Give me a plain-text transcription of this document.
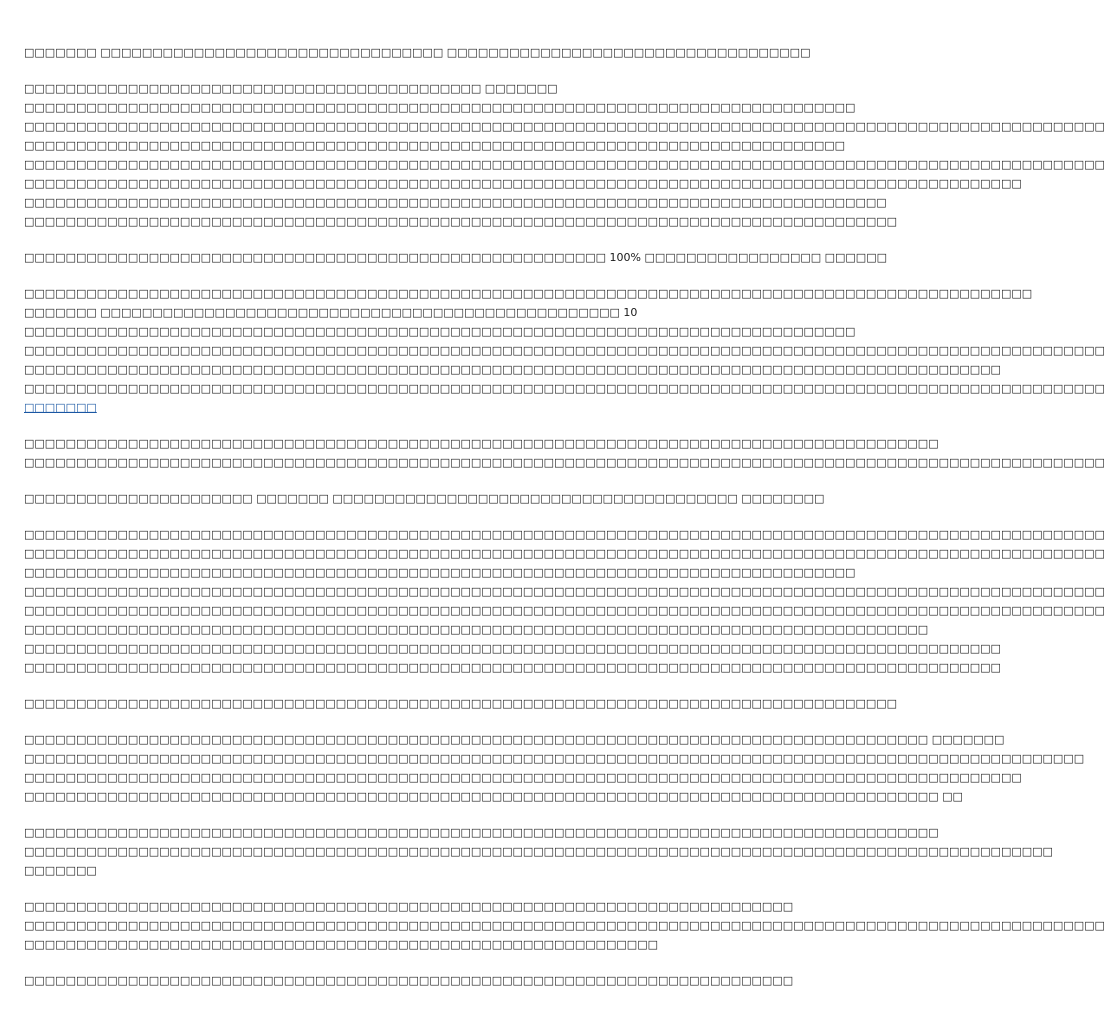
□□□□□□□ □□□□□□□□□□□□□□□□□□□□□□□□□□□□□□□□□ □□□□□□□□□□□□□□□□□□□□□□□□□□□□□□□□□□□
□□□□□□□□□□□□□□□□□□□□□□□□□□□□□□□□□□□□□□□□□□□□ □□□□□□□
□□□□□□□□□□□□□□□□□□□□□□□□□□□□□□□□□□□□□□□□□□□□□□□□□□□□□□□□□□□□□□□□□□□□□□□□□□□□□□□□
□□□□□□□□□□□□□□□□□□□□□□□□□□□□□□□□□□□□□□□□□□□□□□□□□□□□□□□□□□□□□□□□□□□□□□□□□□□□□□□□□□□□□□□□□□□□□□□□□□□□□□□□
□□□□□□□□□□□□□□□□□□□□□□□□□□□□□□□□□□□□□□□□□□□□□□□□□□□□□□□□□□□□□□□□□□□□□□□□□□□□□□□
□□□□□□□□□□□□□□□□□□□□□□□□□□□□□□□□□□□□□□□□□□□□□□□□□□□□□□□□□□□□□□□□□□□□□□□□□□□□□□□□□□□□□□□□□□□□□□□□□□□□□□□□
□□□□□□□□□□□□□□□□□□□□□□□□□□□□□□□□□□□□□□□□□□□□□□□□□□□□□□□□□□□□□□□□□□□□□□□□□□□□□□□□□□□□□□□□□□□□□□□□
□□□□□□□□□□□□□□□□□□□□□□□□□□□□□□□□□□□□□□□□□□□□□□□□□□□□□□□□□□□□□□□□□□□□□□□□□□□□□□□□□□□
□□□□□□□□□□□□□□□□□□□□□□□□□□□□□□□□□□□□□□□□□□□□□□□□□□□□□□□□□□□□□□□□□□□□□□□□□□□□□□□□□□□□
□□□□□□□□□□□□□□□□□□□□□□□□□□□□□□□□□□□□□□□□□□□□□□□□□□□□□□□□ 100% □□□□□□□□□□□□□□□□□ □□□□□□
□□□□□□□□□□□□□□□□□□□□□□□□□□□□□□□□□□□□□□□□□□□□□□□□□□□□□□□□□□□□□□□□□□□□□□□□□□□□□□□□□□□□□□□□□□□□□□□□□
□□□□□□□ □□□□□□□□□□□□□□□□□□□□□□□□□□□□□□□□□□□□□□□□□□□□□□□□□□ 10
□□□□□□□□□□□□□□□□□□□□□□□□□□□□□□□□□□□□□□□□□□□□□□□□□□□□□□□□□□□□□□□□□□□□□□□□□□□□□□□□
□□□□□□□□□□□□□□□□□□□□□□□□□□□□□□□□□□□□□□□□□□□□□□□□□□□□□□□□□□□□□□□□□□□□□□□□□□□□□□□□□□□□□□□□□□□□□□□□□□□□□□□□
□□□□□□□□□□□□□□□□□□□□□□□□□□□□□□□□□□□□□□□□□□□□□□□□□□□□□□□□□□□□□□□□□□□□□□□□□□□□□□□□□□□□□□□□□□□□□□
□□□□□□□□□□□□□□□□□□□□□□□□□□□□□□□□□□□□□□□□□□□□□□□□□□□□□□□□□□□□□□□□□□□□□□□□□□□□□□□□□□□□□□□□□□□□□□□□□□□□□□□□
□□□□□□□
□□□□□□□□□□□□□□□□□□□□□□□□□□□□□□□□□□□□□□□□□□□□□□□□□□□□□□□□□□□□□□□□□□□□□□□□□□□□□□□□□□□□□□□□
□□□□□□□□□□□□□□□□□□□□□□□□□□□□□□□□□□□□□□□□□□□□□□□□□□□□□□□□□□□□□□□□□□□□□□□□□□□□□□□□□□□□□□□□□□□□□□□□□□□□□□□□
□□□□□□□□□□□□□□□□□□□□□□ □□□□□□□ □□□□□□□□□□□□□□□□□□□□□□□□□□□□□□□□□□□□□□□ □□□□□□□□
□□□□□□□□□□□□□□□□□□□□□□□□□□□□□□□□□□□□□□□□□□□□□□□□□□□□□□□□□□□□□□□□□□□□□□□□□□□□□□□□□□□□□□□□□□□□□□□□□□□□□□□□
□□□□□□□□□□□□□□□□□□□□□□□□□□□□□□□□□□□□□□□□□□□□□□□□□□□□□□□□□□□□□□□□□□□□□□□□□□□□□□□□□□□□□□□□□□□□□□□□□□□□□□□□
□□□□□□□□□□□□□□□□□□□□□□□□□□□□□□□□□□□□□□□□□□□□□□□□□□□□□□□□□□□□□□□□□□□□□□□□□□□□□□□□
□□□□□□□□□□□□□□□□□□□□□□□□□□□□□□□□□□□□□□□□□□□□□□□□□□□□□□□□□□□□□□□□□□□□□□□□□□□□□□□□□□□□□□□□□□□□□□□□□□□□□□□□
□□□□□□□□□□□□□□□□□□□□□□□□□□□□□□□□□□□□□□□□□□□□□□□□□□□□□□□□□□□□□□□□□□□□□□□□□□□□□□□□□□□□□□□□□□□□□□□□□□□□□□□□
□□□□□□□□□□□□□□□□□□□□□□□□□□□□□□□□□□□□□□□□□□□□□□□□□□□□□□□□□□□□□□□□□□□□□□□□□□□□□□□□□□□□□□□
□□□□□□□□□□□□□□□□□□□□□□□□□□□□□□□□□□□□□□□□□□□□□□□□□□□□□□□□□□□□□□□□□□□□□□□□□□□□□□□□□□□□□□□□□□□□□□
□□□□□□□□□□□□□□□□□□□□□□□□□□□□□□□□□□□□□□□□□□□□□□□□□□□□□□□□□□□□□□□□□□□□□□□□□□□□□□□□□□□□□□□□□□□□□□
□□□□□□□□□□□□□□□□□□□□□□□□□□□□□□□□□□□□□□□□□□□□□□□□□□□□□□□□□□□□□□□□□□□□□□□□□□□□□□□□□□□□
□□□□□□□□□□□□□□□□□□□□□□□□□□□□□□□□□□□□□□□□□□□□□□□□□□□□□□□□□□□□□□□□□□□□□□□□□□□□□□□□□□□□□□□ □□□□□□□
□□□□□□□□□□□□□□□□□□□□□□□□□□□□□□□□□□□□□□□□□□□□□□□□□□□□□□□□□□□□□□□□□□□□□□□□□□□□□□□□□□□□□□□□□□□□□□□□□□□□□□
□□□□□□□□□□□□□□□□□□□□□□□□□□□□□□□□□□□□□□□□□□□□□□□□□□□□□□□□□□□□□□□□□□□□□□□□□□□□□□□□□□□□□□□□□□□□□□□□
□□□□□□□□□□□□□□□□□□□□□□□□□□□□□□□□□□□□□□□□□□□□□□□□□□□□□□□□□□□□□□□□□□□□□□□□□□□□□□□□□□□□□□□□ □□
□□□□□□□□□□□□□□□□□□□□□□□□□□□□□□□□□□□□□□□□□□□□□□□□□□□□□□□□□□□□□□□□□□□□□□□□□□□□□□□□□□□□□□□□
□□□□□□□□□□□□□□□□□□□□□□□□□□□□□□□□□□□□□□□□□□□□□□□□□□□□□□□□□□□□□□□□□□□□□□□□□□□□□□□□□□□□□□□□□□□□□□□□□□□
□□□□□□□
□□□□□□□□□□□□□□□□□□□□□□□□□□□□□□□□□□□□□□□□□□□□□□□□□□□□□□□□□□□□□□□□□□□□□□□□□□
□□□□□□□□□□□□□□□□□□□□□□□□□□□□□□□□□□□□□□□□□□□□□□□□□□□□□□□□□□□□□□□□□□□□□□□□□□□□□□□□□□□□□□□□□□□□□□□□□□□□□□□□
□□□□□□□□□□□□□□□□□□□□□□□□□□□□□□□□□□□□□□□□□□□□□□□□□□□□□□□□□□□□□
□□□□□□□□□□□□□□□□□□□□□□□□□□□□□□□□□□□□□□□□□□□□□□□□□□□□□□□□□□□□□□□□□□□□□□□□□□
